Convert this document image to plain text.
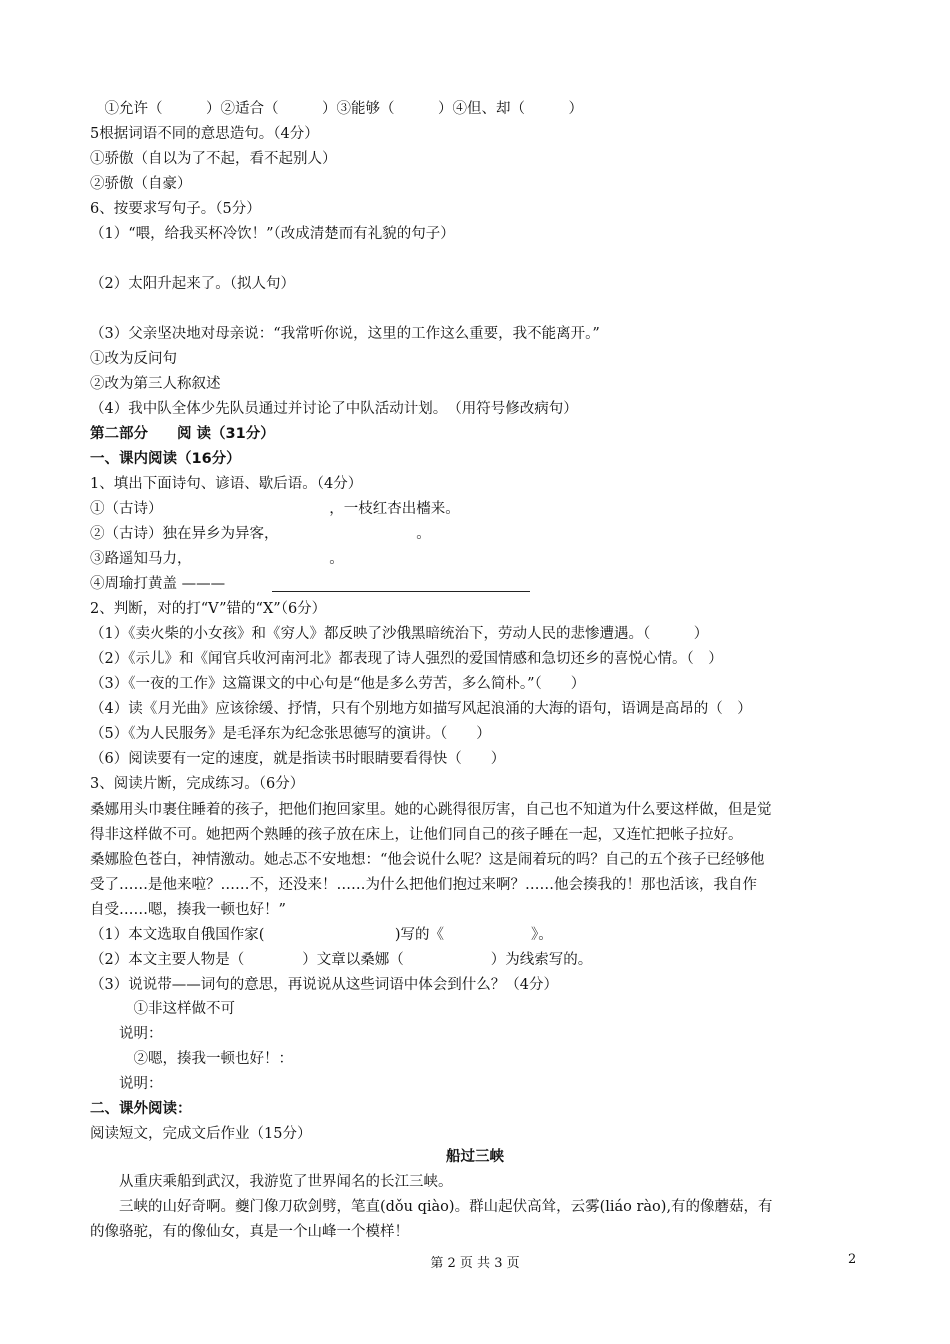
　①允许（　　　）②适合（　　　）③能够（　　　）④但、却（　　　）
5根据词语不同的意思造句。（4分）
①骄傲（自以为了不起，看不起别人）
②骄傲（自豪）
6、按要求写句子。（5分）
（1）“喂，给我买杯冷饮！”（改成清楚而有礼貌的句子）
（2）太阳升起来了。（拟人句）
（3）父亲坚决地对母亲说：“我常听你说，这里的工作这么重要，我不能离开。”
①改为反问句
②改为第三人称叙述
（4）我中队全体少先队员通过并讨论了中队活动计划。　（用符号修改病句）
第二部分　　阅 读（31分）
一、课内阅读（16分）
1、填出下面诗句、谚语、歇后语。（4分）
①（古诗）　　　　　　　　　　　　，一枝红杏出檣来。
②（古诗）独在异乡为异客，　　　　　　　　　　。
③路遥知马力，　　　　　　　　　　。
④周瑜打黄盖 ———
2、判断，对的打“V”错的“X”（6分）
（1）《卖火柴的小女孩》和《穷人》都反映了沙俄黑暗统治下，劳动人民的悲惨遭遇。（　　　）
（2）《示儿》和《闻官兵收河南河北》都表现了诗人强烈的爱国情感和急切还乡的喜悦心情。（　）
（3）《一夜的工作》这篇课文的中心句是“他是多么劳苦，多么简朴。”（　　）
（4）读《月光曲》应该徐缓、抒情，只有个别地方如描写风起浪涌的大海的语句，语调是高昂的（　）
（5）《为人民服务》是毛泽东为纪念张思德写的演讲。（　　）
（6）阅读要有一定的速度，就是指读书时眼睛要看得快（　　）
3、阅读片断，完成练习。（6分）
桑娜用头巾裹住睡着的孩子，把他们抱回家里。她的心跳得很厉害，自己也不知道为什么要这样做，但是觉
得非这样做不可。她把两个熟睡的孩子放在床上，让他们同自己的孩子睡在一起，又连忙把帐子拉好。
桑娜脸色苍白，神情激动。她忐忑不安地想：“他会说什么呢？这是闹着玩的吗？自己的五个孩子已经够他
受了……是他来啦？……不，还没来！……为什么把他们抱过来啊？……他会揍我的！那也活该，我自作
自受……嗯，揍我一顿也好！”
（1）本文选取自俄国作家(　　　　　　　　　)写的《　　　　　　》。
（2）本文主要人物是（　　　　）文章以桑娜（　　　　　　）为线索写的。
（3）说说带——词句的意思，再说说从这些词语中体会到什么？（4分）
　　　①非这样做不可
　　说明：
　　　②嗯，揍我一顿也好！：
　　说明：
二、课外阅读：
阅读短文，完成文后作业（15分）
船过三峡
　　从重庆乘船到武汉，我游览了世界闻名的长江三峡。
　　三峡的山好奇啊。夔门像刀砍剑劈，笔直(dǒu qiào)。群山起伏高耸，云雾(liáo rào),有的像蘑菇，有
的像骆驼，有的像仙女，真是一个山峰一个模样！
第 2 页 共 3 页	2
